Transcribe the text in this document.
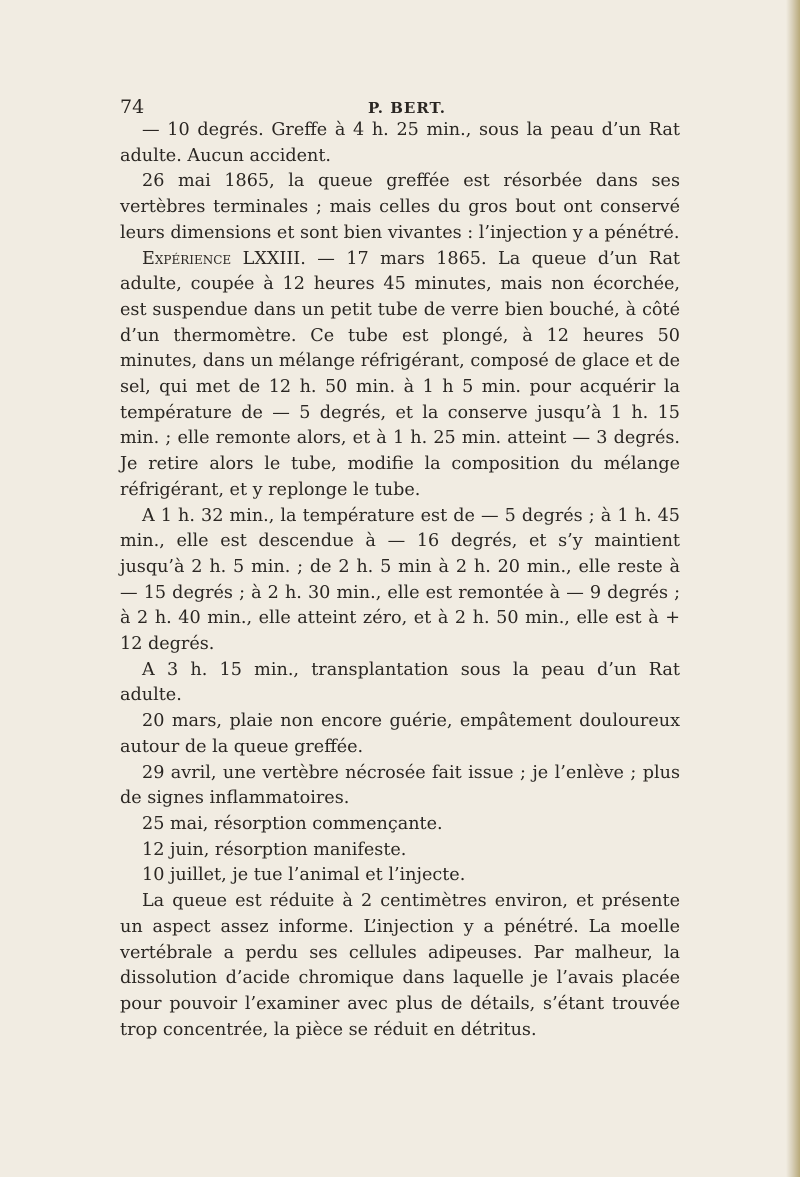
74	P. BERT.

— 10 degrés. Greffe à 4 h. 25 min., sous la peau d’un Rat adulte. Aucun accident.

26 mai 1865, la queue greffée est résorbée dans ses vertèbres terminales ; mais celles du gros bout ont conservé leurs dimensions et sont bien vivantes : l’injection y a pénétré.

Expérience LXXIII. — 17 mars 1865. La queue d’un Rat adulte, coupée à 12 heures 45 minutes, mais non écorchée, est suspendue dans un petit tube de verre bien bouché, à côté d’un thermomètre. Ce tube est plongé, à 12 heures 50 minutes, dans un mélange réfrigérant, composé de glace et de sel, qui met de 12 h. 50 min. à 1 h 5 min. pour acquérir la température de — 5 degrés, et la conserve jusqu’à 1 h. 15 min. ; elle remonte alors, et à 1 h. 25 min. atteint — 3 degrés. Je retire alors le tube, modifie la composition du mélange réfrigérant, et y replonge le tube.

A 1 h. 32 min., la température est de — 5 degrés ; à 1 h. 45 min., elle est descendue à — 16 degrés, et s’y maintient jusqu’à 2 h. 5 min. ; de 2 h. 5 min à 2 h. 20 min., elle reste à — 15 degrés ; à 2 h. 30 min., elle est remontée à — 9 degrés ; à 2 h. 40 min., elle atteint zéro, et à 2 h. 50 min., elle est à + 12 degrés.

A 3 h. 15 min., transplantation sous la peau d’un Rat adulte.

20 mars, plaie non encore guérie, empâtement douloureux autour de la queue greffée.

29 avril, une vertèbre nécrosée fait issue ; je l’enlève ; plus de signes inflammatoires.

25 mai, résorption commençante.

12 juin, résorption manifeste.

10 juillet, je tue l’animal et l’injecte.

La queue est réduite à 2 centimètres environ, et présente un aspect assez informe. L’injection y a pénétré. La moelle vertébrale a perdu ses cellules adipeuses. Par malheur, la dissolution d’acide chromique dans laquelle je l’avais placée pour pouvoir l’examiner avec plus de détails, s’étant trouvée trop concentrée, la pièce se réduit en détritus.
